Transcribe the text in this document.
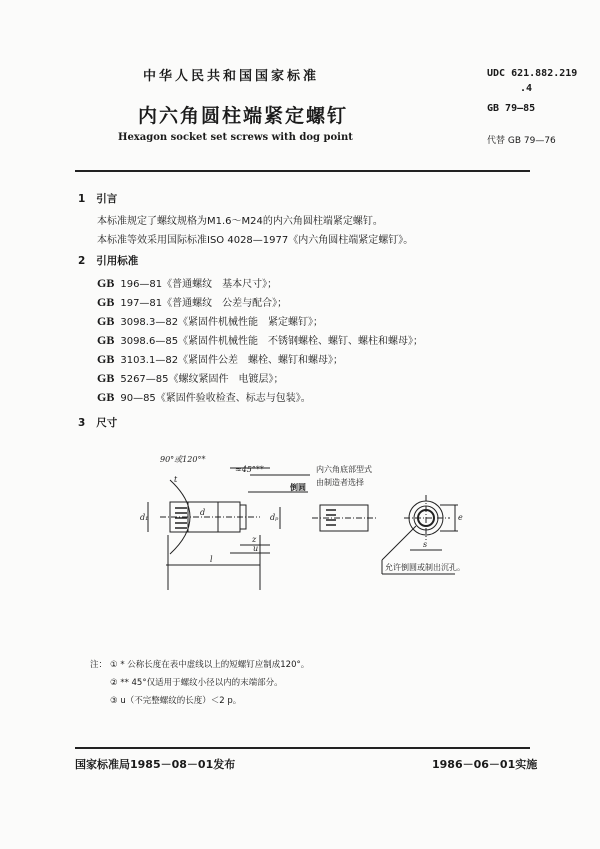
中华人民共和国国家标准	UDC 621.882.219
.4
内六角圆柱端紧定螺钉	GB 79—85
Hexagon socket set screws with dog point	代替 GB 79—76
1 引言
本标准规定了螺纹规格为M1.6～M24的内六角圆柱端紧定螺钉。
本标准等效采用国际标准ISO 4028—1977《内六角圆柱端紧定螺钉》。
2 引用标准
GB 196—81《普通螺纹　基本尺寸》；
GB 197—81《普通螺纹　公差与配合》；
GB 3098.3—82《紧固件机械性能　紧定螺钉》；
GB 3098.6—85《紧固件机械性能　不锈钢螺栓、螺钉、螺柱和螺母》；
GB 3103.1—82《紧固件公差　螺栓、螺钉和螺母》；
GB 5267—85《螺纹紧固件　电镀层》；
GB 90—85《紧固件验收检查、标志与包装》。
3 尺寸
90°或120°*
≈45°**
倒圆
t
d₁
d
dₚ
z
u
l
内六角底部型式
由制造者选择
e
s
允许倒圆或制出沉孔。
注： ① * 公称长度在表中虚线以上的短螺钉应制成120°。
② ** 45°仅适用于螺纹小径以内的末端部分。
③ u（不完整螺纹的长度）＜2 p。
国家标准局1985－08－01发布	1986－06－01实施
